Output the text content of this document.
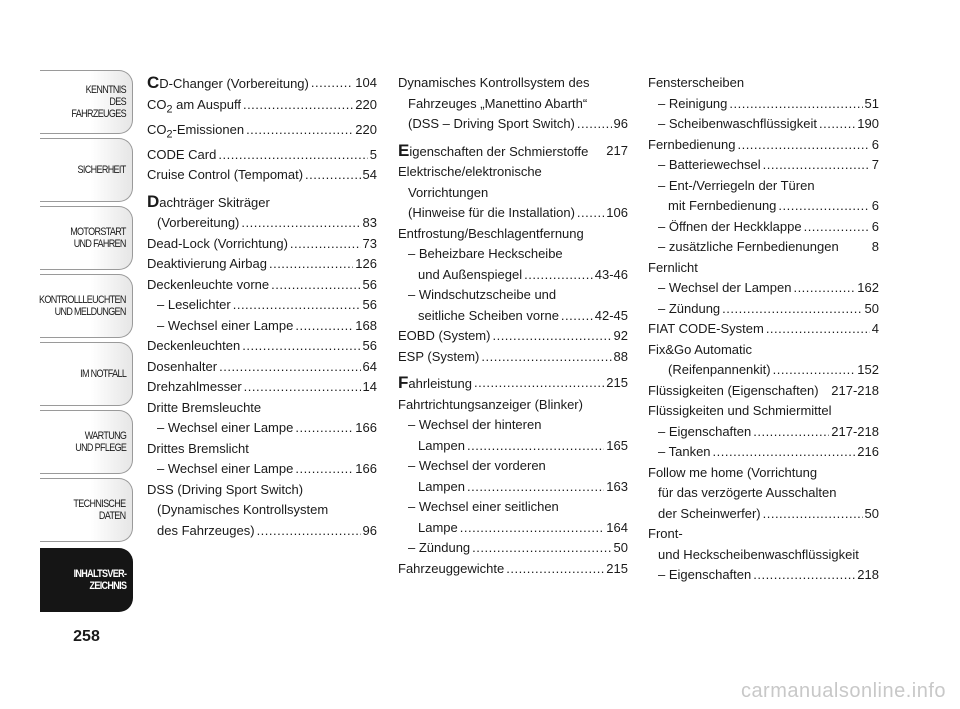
KENNTNIS
DES FAHRZEUGES
SICHERHEIT
MOTORSTART
UND FAHREN
KONTROLLLEUCHTEN
UND MELDUNGEN
IM NOTFALL
WARTUNG
UND PFLEGE
TECHNISCHE
DATEN
INHALTSVER-
ZEICHNIS
258
CD-Changer (Vorbereitung) .....	104
$CO_2$ am Auspuff .....	220
$CO_2$-Emissionen .....	220
CODE Card .....	5
Cruise Control (Tempomat) .....	54
Dachträger Skiträger
(Vorbereitung) .....	83
Dead-Lock (Vorrichtung) .....	73
Deaktivierung Airbag .....	126
Deckenleuchte vorne .....	56
– Leselichter .....	56
– Wechsel einer Lampe .....	168
Deckenleuchten .....	56
Dosenhalter .....	64
Drehzahlmesser .....	14
Dritte Bremsleuchte
– Wechsel einer Lampe .....	166
Drittes Bremslicht
– Wechsel einer Lampe .....	166
DSS (Driving Sport Switch)
(Dynamisches Kontrollsystem
des Fahrzeuges) .....	96
Dynamisches Kontrollsystem des
Fahrzeuges „Manettino Abarth“
(DSS – Driving Sport Switch) .....	96
Eigenschaften der Schmierstoffe 217
Elektrische/elektronische
Vorrichtungen
(Hinweise für die Installation) ..... 106
Entfrostung/Beschlagentfernung
– Beheizbare Heckscheibe
und Außenspiegel .....	43-46
– Windschutzscheibe und
seitliche Scheiben vorne .....	42-45
EOBD (System) .....	92
ESP (System) .....	88
Fahrleistung .....	215
Fahrtrichtungsanzeiger (Blinker)
– Wechsel der hinteren
Lampen .....	165
– Wechsel der vorderen
Lampen .....	163
– Wechsel einer seitlichen
Lampe .....	164
– Zündung .....	50
Fahrzeuggewichte .....	215
Fensterscheiben
– Reinigung .....	51
– Scheibenwaschflüssigkeit .....	190
Fernbedienung .....	6
– Batteriewechsel .....	7
– Ent-/Verriegeln der Türen
mit Fernbedienung .....	6
– Öffnen der Heckklappe .....	6
– zusätzliche Fernbedienungen	8
Fernlicht
– Wechsel der Lampen .....	162
– Zündung .....	50
FIAT CODE-System .....	4
Fix&Go Automatic
(Reifenpannenkit) .....	152
Flüssigkeiten (Eigenschaften) 217-218
Flüssigkeiten und Schmiermittel
– Eigenschaften .....	217-218
– Tanken .....	216
Follow me home (Vorrichtung
für das verzögerte Ausschalten
der Scheinwerfer) .....	50
Front-
und Heckscheibenwaschflüssigkeit
– Eigenschaften .....	218
carmanualsonline.info
